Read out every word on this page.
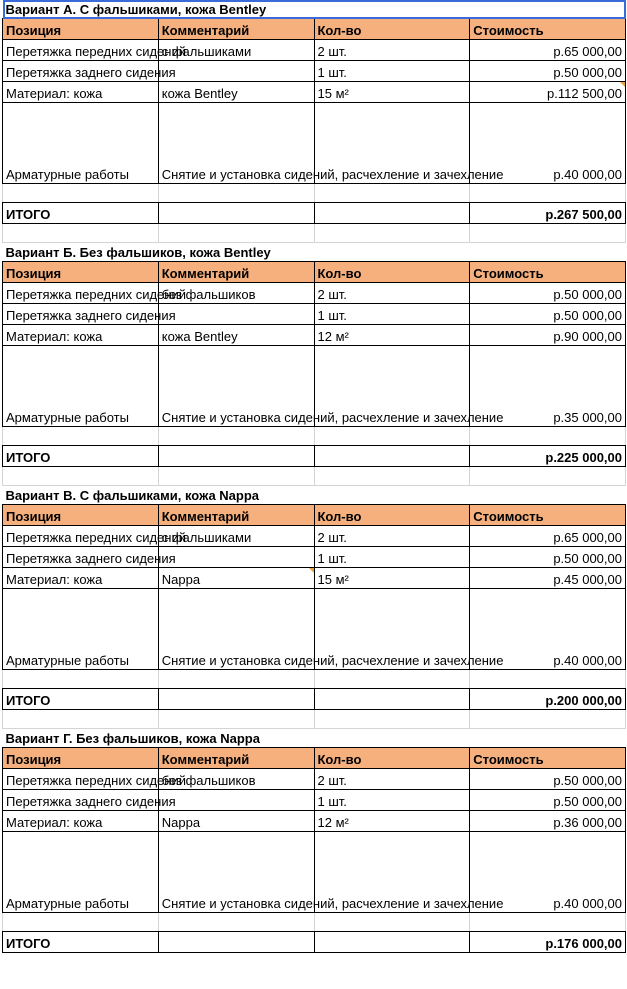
Вариант А. С фальшиками, кожа Bentley			
Позиция	Комментарий	Кол-во	Стоимость
Перетяжка передних сидений	с фальшиками	2 шт.	р.65 000,00
Перетяжка заднего сидения		1 шт.	р.50 000,00
Материал: кожа	кожа Bentley	15 м²	р.112 500,00
Арматурные работы	Снятие и установка сидений, расчехление и зачехление		р.40 000,00

ИТОГО			р.267 500,00

Вариант Б. Без фальшиков, кожа Bentley			
Позиция	Комментарий	Кол-во	Стоимость
Перетяжка передних сидений	без фальшиков	2 шт.	р.50 000,00
Перетяжка заднего сидения		1 шт.	р.50 000,00
Материал: кожа	кожа Bentley	12 м²	р.90 000,00
Арматурные работы	Снятие и установка сидений, расчехление и зачехление		р.35 000,00

ИТОГО			р.225 000,00

Вариант В. С фальшиками, кожа Nappa			
Позиция	Комментарий	Кол-во	Стоимость
Перетяжка передних сидений	с фальшиками	2 шт.	р.65 000,00
Перетяжка заднего сидения		1 шт.	р.50 000,00
Материал: кожа	Nappa	15 м²	р.45 000,00
Арматурные работы	Снятие и установка сидений, расчехление и зачехление		р.40 000,00

ИТОГО			р.200 000,00

Вариант Г. Без фальшиков, кожа Nappa			
Позиция	Комментарий	Кол-во	Стоимость
Перетяжка передних сидений	без фальшиков	2 шт.	р.50 000,00
Перетяжка заднего сидения		1 шт.	р.50 000,00
Материал: кожа	Nappa	12 м²	р.36 000,00
Арматурные работы	Снятие и установка сидений, расчехление и зачехление		р.40 000,00

ИТОГО			р.176 000,00
